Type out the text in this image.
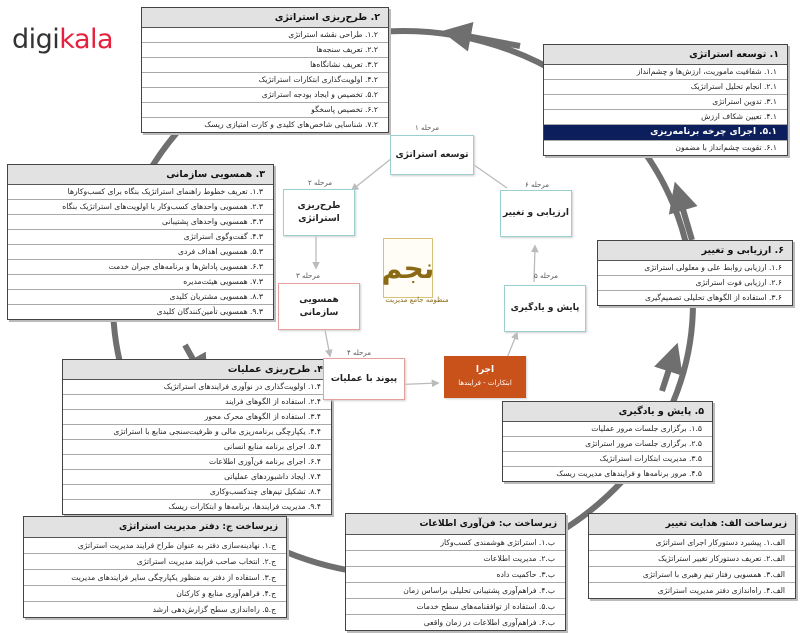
digikala
۲. طرح‌ریزی استراتژی
۱.۲. طراحی نقشه استراتژی
۲.۲. تعریف سنجه‌ها
۳.۲. تعریف نشانگاه‌ها
۴.۲. اولویت‌گذاری ابتکارات استراتژیک
۵.۲. تخصیص و ایجاد بودجه استراتژی
۶.۲. تخصیص پاسخگو
۷.۲. شناسایی شاخص‌های کلیدی و کارت امتیازی ریسک
۱. توسعه استراتژی
۱.۱. شفافیت ماموریت، ارزش‌ها و چشم‌انداز
۲.۱. انجام تحلیل استراتژیک
۳.۱. تدوین استراتژی
۴.۱. تعیین شکاف ارزش
۵.۱. اجرای چرخه برنامه‌ریزی
۶.۱. تقویت چشم‌انداز با مضمون
۳. همسویی سازمانی
۱.۳. تعریف خطوط راهنمای استراتژیک بنگاه برای کسب‌وکارها
۲.۳. همسویی واحدهای کسب‌وکار با اولویت‌های استراتژیک بنگاه
۳.۳. همسویی واحدهای پشتیبانی
۴.۳. گفت‌وگوی استراتژی
۵.۳. همسویی اهداف فردی
۶.۳. همسویی پاداش‌ها و برنامه‌های جبران خدمت
۷.۳. همسویی هیئت‌مدیره
۸.۳. همسویی مشتریان کلیدی
۹.۳. همسویی تأمین‌کنندگان کلیدی
۶. ارزیابی و تغییر
۱.۶. ارزیابی روابط علی و معلولی استراتژی
۲.۶. ارزیابی فوت استراتژی
۳.۶. استفاده از الگوهای تحلیلی تصمیم‌گیری
۴. طرح‌ریزی عملیات
۱.۴. اولویت‌گذاری در نوآوری فرایندهای استراتژیک
۲.۴. استفاده از الگوهای فرایند
۳.۴. استفاده از الگوهای محرک محور
۴.۴. یکپارچگی برنامه‌ریزی مالی و ظرفیت‌سنجی منابع با استراتژی
۵.۴. اجرای برنامه منابع انسانی
۶.۴. اجرای برنامه فن‌آوری اطلاعات
۷.۴. ایجاد داشبوردهای عملیاتی
۸.۴. تشکیل تیم‌های چندکسب‌وکاری
۹.۴. مدیریت فرایندها، برنامه‌ها و ابتکارات ریسک
۵. پایش و یادگیری
۱.۵. برگزاری جلسات مرور عملیات
۲.۵. برگزاری جلسات مرور استراتژی
۳.۵. مدیریت ابتکارات استراتژیک
۴.۵. مرور برنامه‌ها و فرایندهای مدیریت ریسک
زیرساخت ج: دفتر مدیریت استراتژی
ج.۱. نهادینه‌سازی دفتر به عنوان طراح فرایند مدیریت استراتژی
ج.۲. انتخاب صاحب فرایند مدیریت استراتژی
ج.۳. استفاده از دفتر به منظور یکپارچگی سایر فرایندهای مدیریت
ج.۴. فراهم‌آوری منابع و کارکنان
ج.۵. راه‌اندازی سطح گزارش‌دهی ارشد
زیرساخت ب: فن‌آوری اطلاعات
ب.۱. استراتژی هوشمندی کسب‌وکار
ب.۲. مدیریت اطلاعات
ب.۳. حاکمیت داده
ب.۴. فراهم‌آوری پشتیبانی تحلیلی براساس زمان
ب.۵. استفاده از توافقنامه‌های سطح خدمات
ب.۶. فراهم‌آوری اطلاعات در زمان واقعی
زیرساخت الف: هدایت تغییر
الف.۱. پیشبرد دستورکار اجرای استراتژی
الف.۲. تعریف دستورکار تغییر استراتژیک
الف.۳. همسویی رفتار تیم رهبری با استراتژی
الف.۴. راه‌اندازی دفتر مدیریت استراتژی
مرحله ۱
توسعه استراتژی
مرحله ۲
طرح‌ریزی استراتژی
مرحله ۳
همسویی سازمانی
مرحله ۴
پیوند با عملیات
اجرا
ابتکارات - فرایندها
مرحله ۵
پایش و یادگیری
مرحله ۶
ارزیابی و تغییر
نجم
منظومه جامع مدیریت
